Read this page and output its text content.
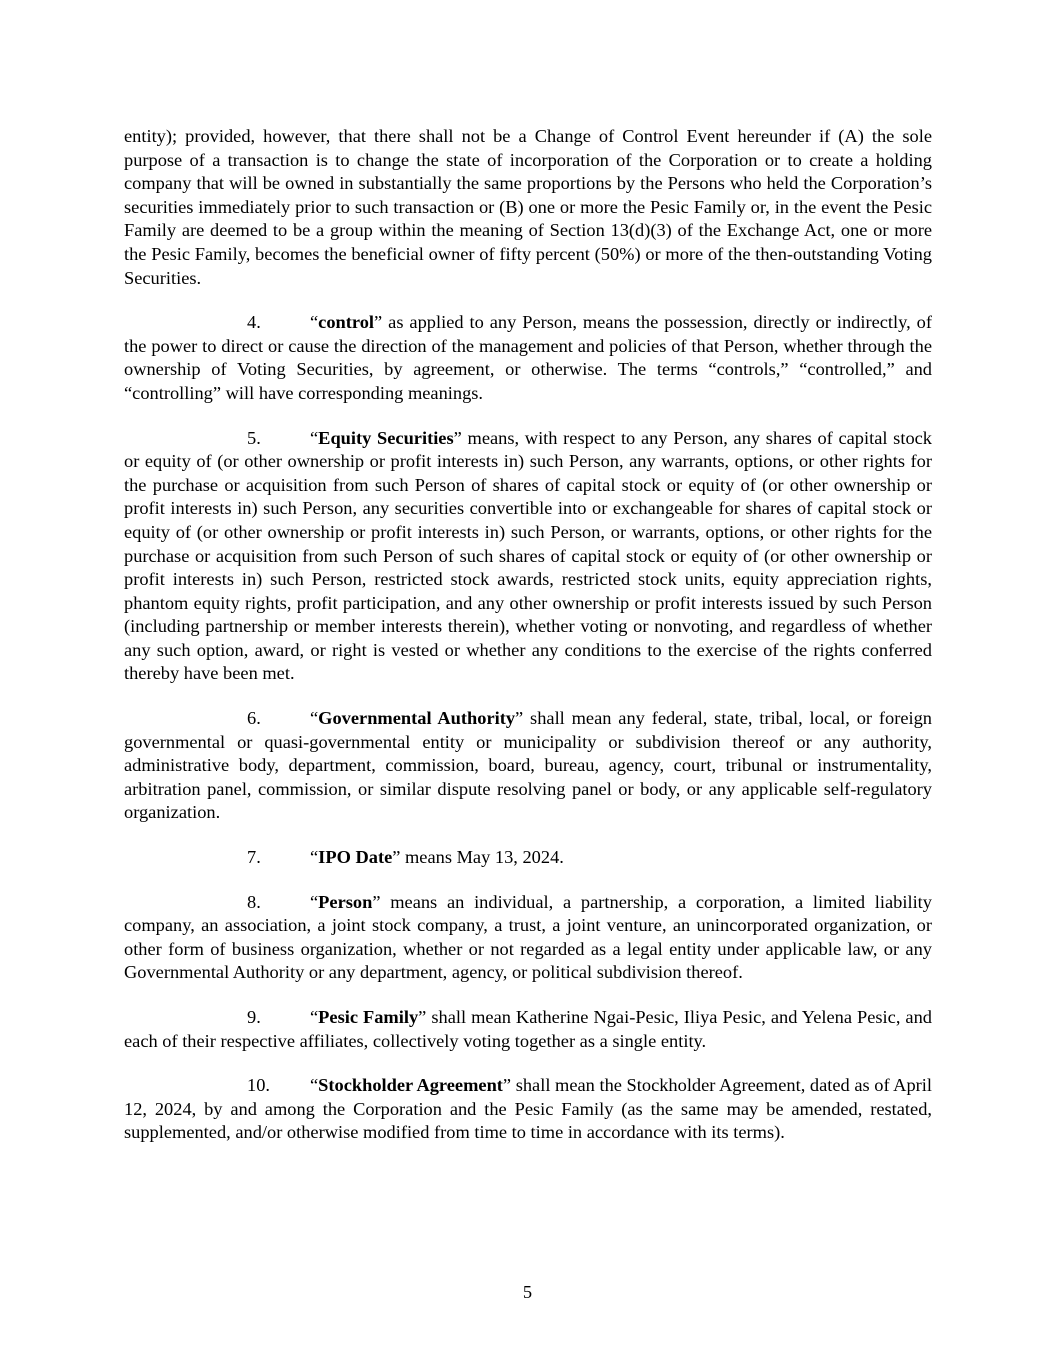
entity); provided, however, that there shall not be a Change of Control Event hereunder if (A) the sole purpose of a transaction is to change the state of incorporation of the Corporation or to create a holding company that will be owned in substantially the same proportions by the Persons who held the Corporation’s securities immediately prior to such transaction or (B) one or more the Pesic Family or, in the event the Pesic Family are deemed to be a group within the meaning of Section 13(d)(3) of the Exchange Act, one or more the Pesic Family, becomes the beneficial owner of fifty percent (50%) or more of the then-outstanding Voting Securities.

4.	“control” as applied to any Person, means the possession, directly or indirectly, of the power to direct or cause the direction of the management and policies of that Person, whether through the ownership of Voting Securities, by agreement, or otherwise. The terms “controls,” “controlled,” and “controlling” will have corresponding meanings.

5.	“Equity Securities” means, with respect to any Person, any shares of capital stock or equity of (or other ownership or profit interests in) such Person, any warrants, options, or other rights for the purchase or acquisition from such Person of shares of capital stock or equity of (or other ownership or profit interests in) such Person, any securities convertible into or exchangeable for shares of capital stock or equity of (or other ownership or profit interests in) such Person, or warrants, options, or other rights for the purchase or acquisition from such Person of such shares of capital stock or equity of (or other ownership or profit interests in) such Person, restricted stock awards, restricted stock units, equity appreciation rights, phantom equity rights, profit participation, and any other ownership or profit interests issued by such Person (including partnership or member interests therein), whether voting or nonvoting, and regardless of whether any such option, award, or right is vested or whether any conditions to the exercise of the rights conferred thereby have been met.

6.	“Governmental Authority” shall mean any federal, state, tribal, local, or foreign governmental or quasi-governmental entity or municipality or subdivision thereof or any authority, administrative body, department, commission, board, bureau, agency, court, tribunal or instrumentality, arbitration panel, commission, or similar dispute resolving panel or body, or any applicable self-regulatory organization.

7.	“IPO Date” means May 13, 2024.

8.	“Person” means an individual, a partnership, a corporation, a limited liability company, an association, a joint stock company, a trust, a joint venture, an unincorporated organization, or other form of business organization, whether or not regarded as a legal entity under applicable law, or any Governmental Authority or any department, agency, or political subdivision thereof.

9.	“Pesic Family” shall mean Katherine Ngai-Pesic, Iliya Pesic, and Yelena Pesic, and each of their respective affiliates, collectively voting together as a single entity.

10. “Stockholder Agreement” shall mean the Stockholder Agreement, dated as of April 12, 2024, by and among the Corporation and the Pesic Family (as the same may be amended, restated, supplemented, and/or otherwise modified from time to time in accordance with its terms).

5
